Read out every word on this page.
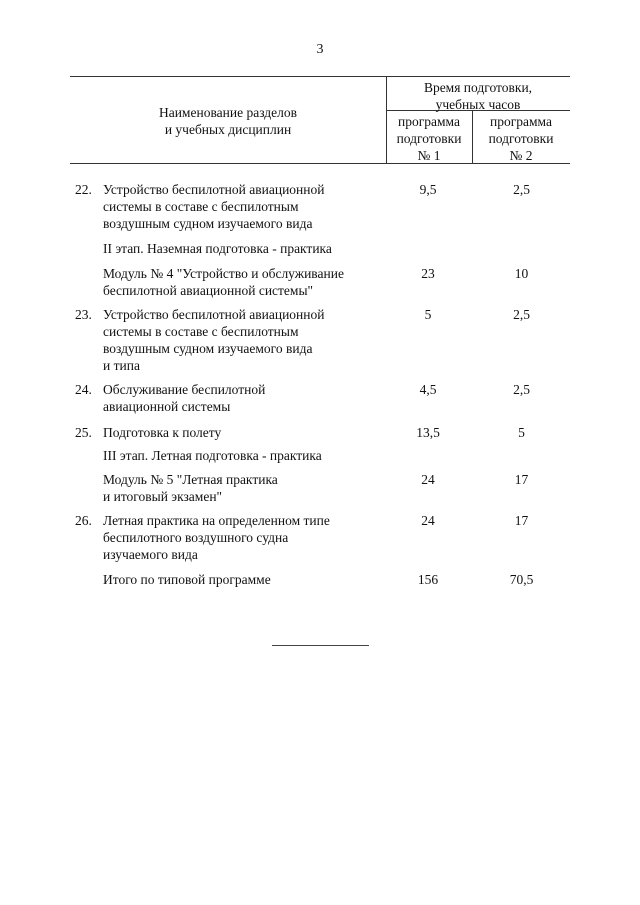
3
Наименование разделов
и учебных дисциплин
Время подготовки,
учебных часов
программа
подготовки
№ 1
программа
подготовки
№ 2
22. Устройство беспилотной авиационной
системы в составе с беспилотным
воздушным судном изучаемого вида
9,5	2,5
II этап. Наземная подготовка - практика
Модуль № 4 "Устройство и обслуживание
беспилотной авиационной системы"
23	10
23. Устройство беспилотной авиационной
системы в составе с беспилотным
воздушным судном изучаемого вида
и типа
5	2,5
24. Обслуживание беспилотной
авиационной системы
4,5	2,5
25. Подготовка к полету	13,5	5
III этап. Летная подготовка - практика
Модуль № 5 "Летная практика
и итоговый экзамен"
24	17
26. Летная практика на определенном типе
беспилотного воздушного судна
изучаемого вида
24	17
Итого по типовой программе	156	70,5
